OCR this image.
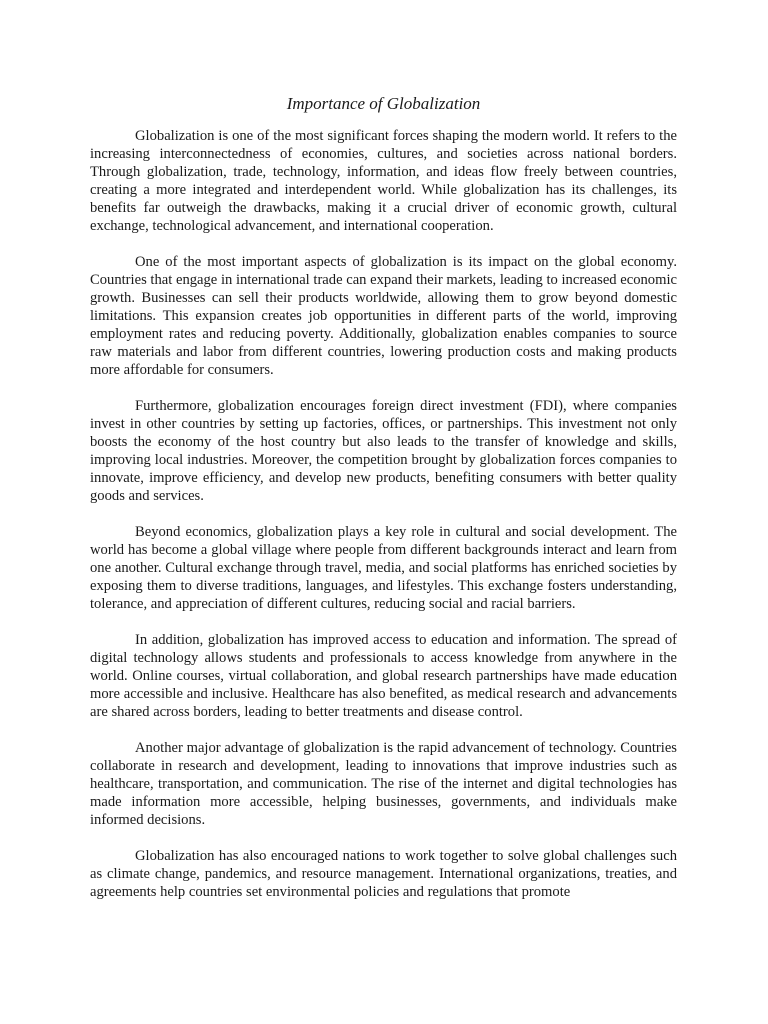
Importance of Globalization

Globalization is one of the most significant forces shaping the modern world. It refers to the increasing interconnectedness of economies, cultures, and societies across national borders. Through globalization, trade, technology, information, and ideas flow freely between countries, creating a more integrated and interdependent world. While globalization has its challenges, its benefits far outweigh the drawbacks, making it a crucial driver of economic growth, cultural exchange, technological advancement, and international cooperation.

One of the most important aspects of globalization is its impact on the global economy. Countries that engage in international trade can expand their markets, leading to increased economic growth. Businesses can sell their products worldwide, allowing them to grow beyond domestic limitations. This expansion creates job opportunities in different parts of the world, improving employment rates and reducing poverty. Additionally, globalization enables companies to source raw materials and labor from different countries, lowering production costs and making products more affordable for consumers.

Furthermore, globalization encourages foreign direct investment (FDI), where companies invest in other countries by setting up factories, offices, or partnerships. This investment not only boosts the economy of the host country but also leads to the transfer of knowledge and skills, improving local industries. Moreover, the competition brought by globalization forces companies to innovate, improve efficiency, and develop new products, benefiting consumers with better quality goods and services.

Beyond economics, globalization plays a key role in cultural and social development. The world has become a global village where people from different backgrounds interact and learn from one another. Cultural exchange through travel, media, and social platforms has enriched societies by exposing them to diverse traditions, languages, and lifestyles. This exchange fosters understanding, tolerance, and appreciation of different cultures, reducing social and racial barriers.

In addition, globalization has improved access to education and information. The spread of digital technology allows students and professionals to access knowledge from anywhere in the world. Online courses, virtual collaboration, and global research partnerships have made education more accessible and inclusive. Healthcare has also benefited, as medical research and advancements are shared across borders, leading to better treatments and disease control.

Another major advantage of globalization is the rapid advancement of technology. Countries collaborate in research and development, leading to innovations that improve industries such as healthcare, transportation, and communication. The rise of the internet and digital technologies has made information more accessible, helping businesses, governments, and individuals make informed decisions.

Globalization has also encouraged nations to work together to solve global challenges such as climate change, pandemics, and resource management. International organizations, treaties, and agreements help countries set environmental policies and regulations that promote
